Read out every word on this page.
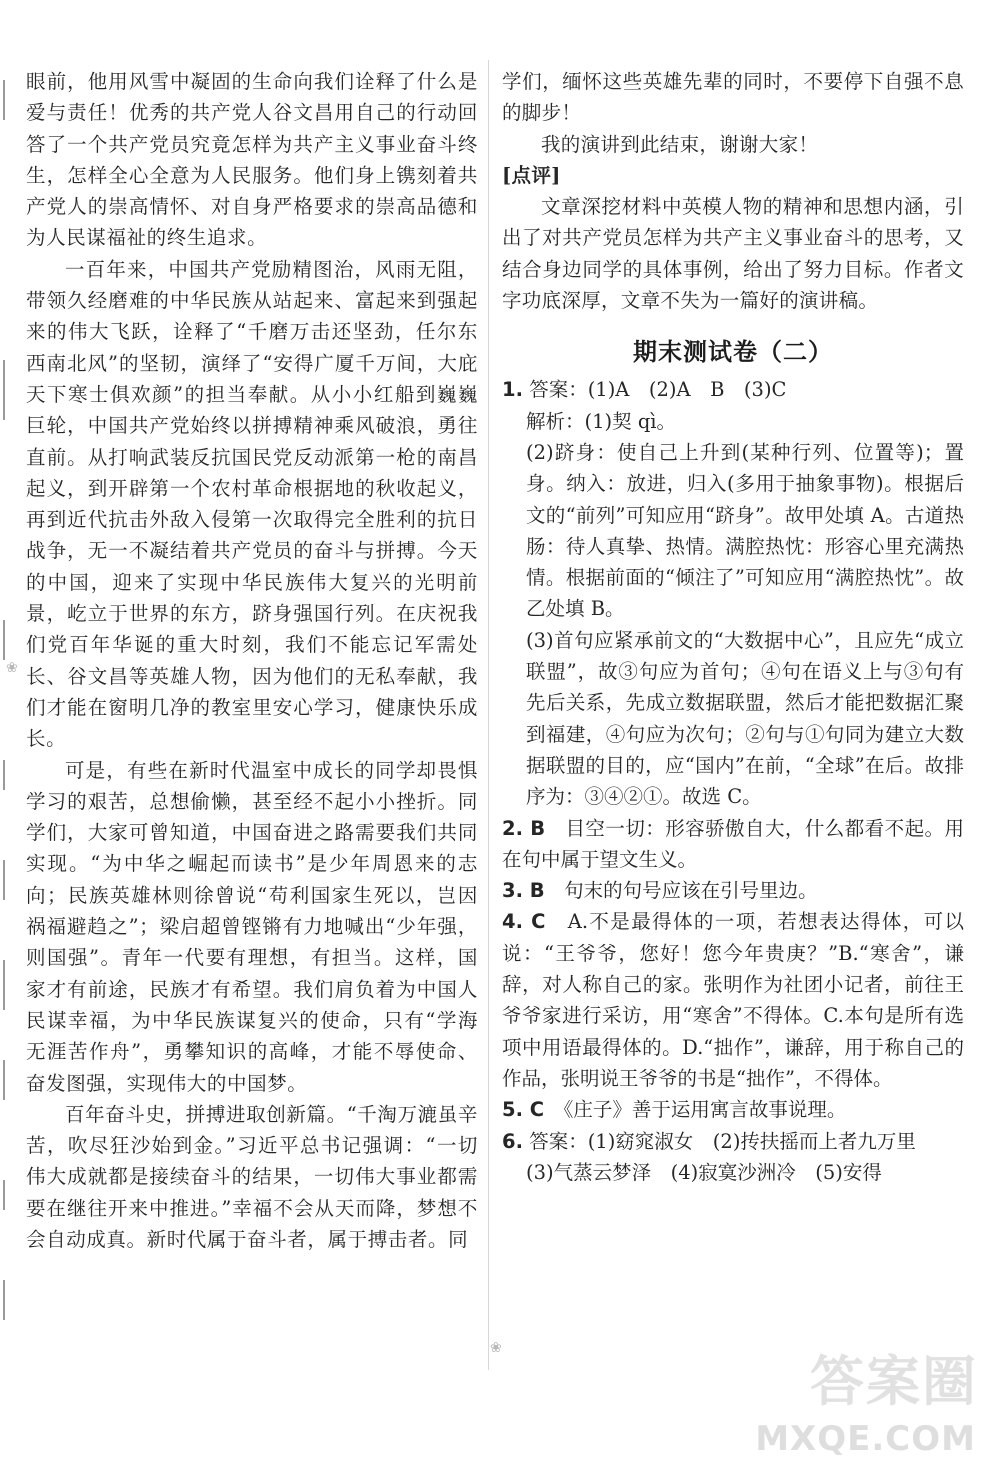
❀
❀

眼前，他用风雪中凝固的生命向我们诠释了什么是爱与责任！优秀的共产党人谷文昌用自己的行动回答了一个共产党员究竟怎样为共产主义事业奋斗终生，怎样全心全意为人民服务。他们身上镌刻着共产党人的崇高情怀、对自身严格要求的崇高品德和为人民谋福祉的终生追求。

一百年来，中国共产党励精图治，风雨无阻，带领久经磨难的中华民族从站起来、富起来到强起来的伟大飞跃，诠释了“千磨万击还坚劲，任尔东西南北风”的坚韧，演绎了“安得广厦千万间，大庇天下寒士俱欢颜”的担当奉献。从小小红船到巍巍巨轮，中国共产党始终以拼搏精神乘风破浪，勇往直前。从打响武装反抗国民党反动派第一枪的南昌起义，到开辟第一个农村革命根据地的秋收起义，再到近代抗击外敌入侵第一次取得完全胜利的抗日战争，无一不凝结着共产党员的奋斗与拼搏。今天的中国，迎来了实现中华民族伟大复兴的光明前景，屹立于世界的东方，跻身强国行列。在庆祝我们党百年华诞的重大时刻，我们不能忘记军需处长、谷文昌等英雄人物，因为他们的无私奉献，我们才能在窗明几净的教室里安心学习，健康快乐成长。

可是，有些在新时代温室中成长的同学却畏惧学习的艰苦，总想偷懒，甚至经不起小小挫折。同学们，大家可曾知道，中国奋进之路需要我们共同实现。“为中华之崛起而读书”是少年周恩来的志向；民族英雄林则徐曾说“苟利国家生死以，岂因祸福避趋之”；梁启超曾铿锵有力地喊出“少年强，则国强”。青年一代要有理想，有担当。这样，国家才有前途，民族才有希望。我们肩负着为中国人民谋幸福，为中华民族谋复兴的使命，只有“学海无涯苦作舟”，勇攀知识的高峰，才能不辱使命、奋发图强，实现伟大的中国梦。

百年奋斗史，拼搏进取创新篇。“千淘万漉虽辛苦，吹尽狂沙始到金。”习近平总书记强调：“一切伟大成就都是接续奋斗的结果，一切伟大事业都需要在继往开来中推进。”幸福不会从天而降，梦想不会自动成真。新时代属于奋斗者，属于搏击者。同

学们，缅怀这些英雄先辈的同时，不要停下自强不息的脚步！

我的演讲到此结束，谢谢大家！

[点评]

文章深挖材料中英模人物的精神和思想内涵，引出了对共产党员怎样为共产主义事业奋斗的思考，又结合身边同学的具体事例，给出了努力目标。作者文字功底深厚，文章不失为一篇好的演讲稿。

期末测试卷（二）
1. 答案：(1)A　(2)A　B　(3)C
解析：(1)契 qì。
(2)跻身：使自己上升到(某种行列、位置等)；置身。纳入：放进，归入(多用于抽象事物)。根据后文的“前列”可知应用“跻身”。故甲处填 A。古道热肠：待人真挚、热情。满腔热忱：形容心里充满热情。根据前面的“倾注了”可知应用“满腔热忱”。故乙处填 B。
(3)首句应紧承前文的“大数据中心”，且应先“成立联盟”，故③句应为首句；④句在语义上与③句有先后关系，先成立数据联盟，然后才能把数据汇聚到福建，④句应为次句；②句与①句同为建立大数据联盟的目的，应“国内”在前，“全球”在后。故排序为：③④②①。故选 C。
2. B　 目空一切：形容骄傲自大，什么都看不起。用在句中属于望文生义。
3. B　 句末的句号应该在引号里边。
4. C　 A.不是最得体的一项，若想表达得体，可以说：“王爷爷，您好！您今年贵庚？”B.“寒舍”，谦辞，对人称自己的家。张明作为社团小记者，前往王爷爷家进行采访，用“寒舍”不得体。C.本句是所有选项中用语最得体的。D.“拙作”，谦辞，用于称自己的作品，张明说王爷爷的书是“拙作”，不得体。
5. C　 《庄子》善于运用寓言故事说理。
6. 答案：(1)窈窕淑女　(2)抟扶摇而上者九万里
(3)气蒸云梦泽　(4)寂寞沙洲冷　(5)安得
答案圈
MXQE.COM
